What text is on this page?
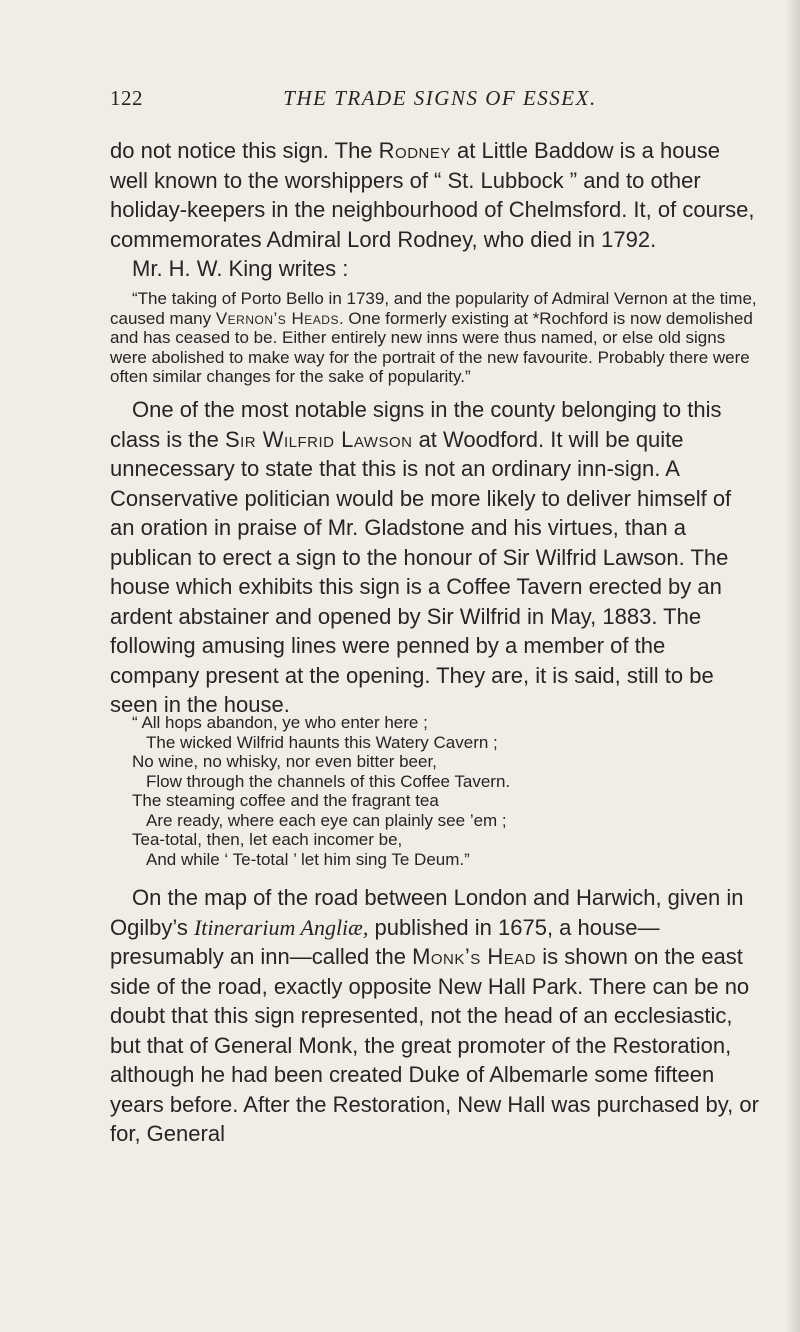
122	THE TRADE SIGNS OF ESSEX.

do not notice this sign. The Rodney at Little Baddow is a house well known to the worshippers of “ St. Lubbock ” and to other holiday-keepers in the neighbourhood of Chelmsford. It, of course, commemorates Admiral Lord Rodney, who died in 1792.

Mr. H. W. King writes :

“The taking of Porto Bello in 1739, and the popularity of Admiral Vernon at the time, caused many Vernon’s Heads. One formerly existing at *Rochford is now demolished and has ceased to be. Either entirely new inns were thus named, or else old signs were abolished to make way for the portrait of the new favourite. Probably there were often similar changes for the sake of popularity.”

One of the most notable signs in the county belonging to this class is the Sir Wilfrid Lawson at Woodford. It will be quite unnecessary to state that this is not an ordinary inn-sign. A Conservative politician would be more likely to deliver himself of an oration in praise of Mr. Gladstone and his virtues, than a publican to erect a sign to the honour of Sir Wilfrid Lawson. The house which exhibits this sign is a Coffee Tavern erected by an ardent abstainer and opened by Sir Wilfrid in May, 1883. The following amusing lines were penned by a member of the company present at the opening. They are, it is said, still to be seen in the house.

“ All hops abandon, ye who enter here ;
The wicked Wilfrid haunts this Watery Cavern ;
No wine, no whisky, nor even bitter beer,
Flow through the channels of this Coffee Tavern.
The steaming coffee and the fragrant tea
Are ready, where each eye can plainly see ’em ;
Tea-total, then, let each incomer be,
And while ‘ Te-total ’ let him sing Te Deum.”

On the map of the road between London and Harwich, given in Ogilby’s Itinerarium Angliæ, published in 1675, a house—presumably an inn—called the Monk’s Head is shown on the east side of the road, exactly opposite New Hall Park. There can be no doubt that this sign represented, not the head of an ecclesiastic, but that of General Monk, the great promoter of the Restoration, although he had been created Duke of Albemarle some fifteen years before. After the Restoration, New Hall was purchased by, or for, General
